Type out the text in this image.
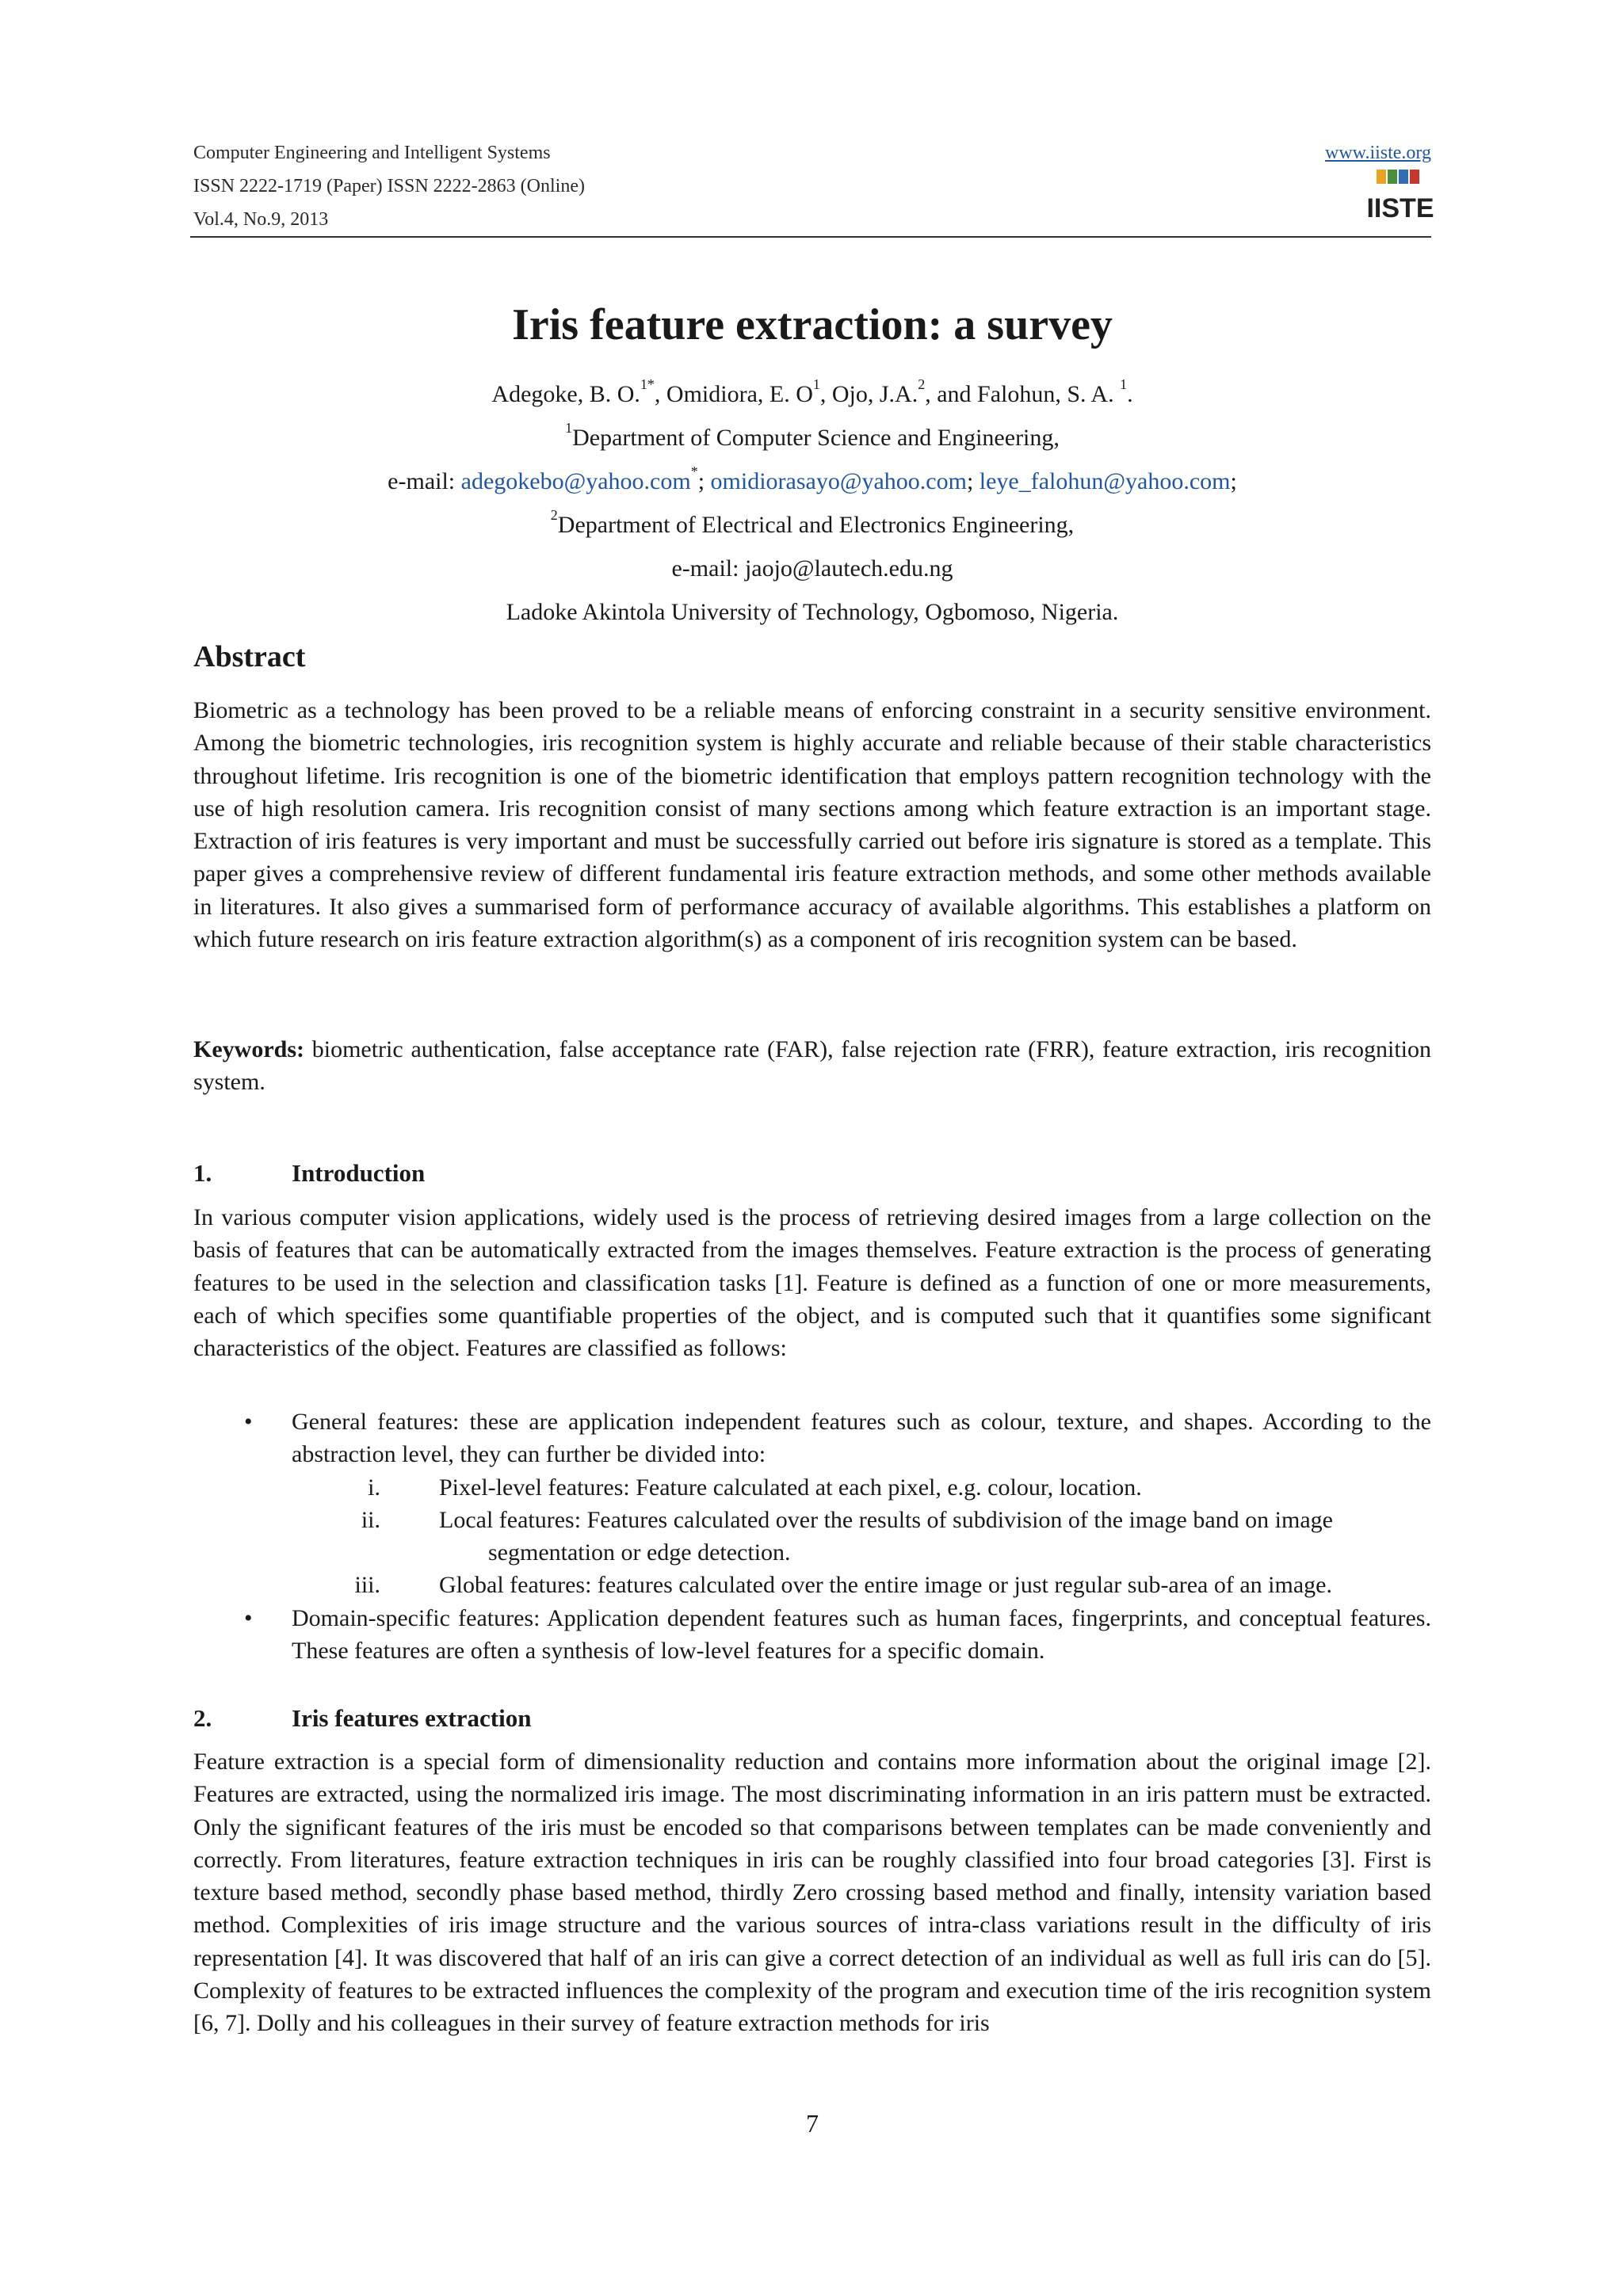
Computer Engineering and Intelligent Systems
ISSN 2222-1719 (Paper) ISSN 2222-2863 (Online)
Vol.4, No.9, 2013
www.iiste.org
IISTE
Iris feature extraction: a survey
Adegoke, B. O.$^{1*}$, Omidiora, E. $O^1$, Ojo, J.A.$^2$, and Falohun, S. A. $^1$.
$^1$Department of Computer Science and Engineering,
e-mail: adegokebo@yahoo.com*; omidiorasayo@yahoo.com; leye_falohun@yahoo.com;
$^2$Department of Electrical and Electronics Engineering,
e-mail: jaojo@lautech.edu.ng
Ladoke Akintola University of Technology, Ogbomoso, Nigeria.
Abstract
Biometric as a technology has been proved to be a reliable means of enforcing constraint in a security sensitive environment. Among the biometric technologies, iris recognition system is highly accurate and reliable because of their stable characteristics throughout lifetime. Iris recognition is one of the biometric identification that employs pattern recognition technology with the use of high resolution camera. Iris recognition consist of many sections among which feature extraction is an important stage. Extraction of iris features is very important and must be successfully carried out before iris signature is stored as a template. This paper gives a comprehensive review of different fundamental iris feature extraction methods, and some other methods available in literatures. It also gives a summarised form of performance accuracy of available algorithms. This establishes a platform on which future research on iris feature extraction algorithm(s) as a component of iris recognition system can be based.
Keywords: biometric authentication, false acceptance rate (FAR), false rejection rate (FRR), feature extraction, iris recognition system.
1.	Introduction
In various computer vision applications, widely used is the process of retrieving desired images from a large collection on the basis of features that can be automatically extracted from the images themselves. Feature extraction is the process of generating features to be used in the selection and classification tasks [1]. Feature is defined as a function of one or more measurements, each of which specifies some quantifiable properties of the object, and is computed such that it quantifies some significant characteristics of the object. Features are classified as follows:
• General features: these are application independent features such as colour, texture, and shapes. According to the abstraction level, they can further be divided into:
i.	Pixel-level features: Feature calculated at each pixel, e.g. colour, location.
ii.	Local features: Features calculated over the results of subdivision of the image band on image
segmentation or edge detection.
iii.	Global features: features calculated over the entire image or just regular sub-area of an image.
• Domain-specific features: Application dependent features such as human faces, fingerprints, and conceptual features. These features are often a synthesis of low-level features for a specific domain.
2.	Iris features extraction
Feature extraction is a special form of dimensionality reduction and contains more information about the original image [2]. Features are extracted, using the normalized iris image. The most discriminating information in an iris pattern must be extracted. Only the significant features of the iris must be encoded so that comparisons between templates can be made conveniently and correctly. From literatures, feature extraction techniques in iris can be roughly classified into four broad categories [3]. First is texture based method, secondly phase based method, thirdly Zero crossing based method and finally, intensity variation based method. Complexities of iris image structure and the various sources of intra-class variations result in the difficulty of iris representation [4]. It was discovered that half of an iris can give a correct detection of an individual as well as full iris can do [5]. Complexity of features to be extracted influences the complexity of the program and execution time of the iris recognition system [6, 7]. Dolly and his colleagues in their survey of feature extraction methods for iris
7
